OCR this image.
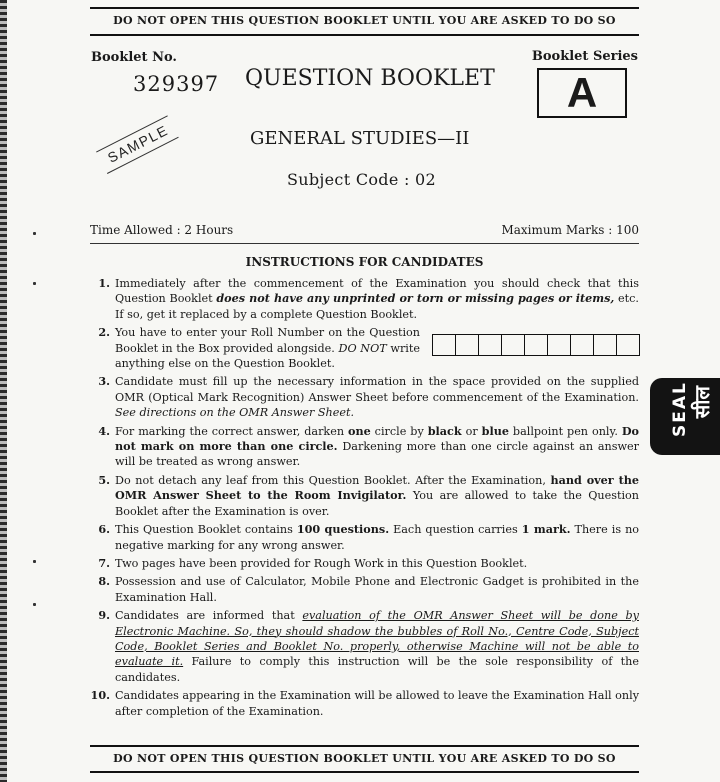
DO NOT OPEN THIS QUESTION BOOKLET UNTIL YOU ARE ASKED TO DO SO
Booklet No.
329397 QUESTION BOOKLET
Booklet Series
A
SAMPLE	GENERAL STUDIES—II
Subject Code : 02
Time Allowed : 2 Hours	Maximum Marks : 100
INSTRUCTIONS FOR CANDIDATES
1. Immediately after the commencement of the Examination you should check that this Question Booklet does not have any unprinted or torn or missing pages or items, etc. If so, get it replaced by a complete Question Booklet.
2. You have to enter your Roll Number on the Question Booklet in the Box provided alongside. DO NOT write anything else on the Question Booklet.
3. Candidate must fill up the necessary information in the space provided on the supplied OMR (Optical Mark Recognition) Answer Sheet before commencement of the Examination. See directions on the OMR Answer Sheet.
4. For marking the correct answer, darken one circle by black or blue ballpoint pen only. Do not mark on more than one circle. Darkening more than one circle against an answer will be treated as wrong answer.
5. Do not detach any leaf from this Question Booklet. After the Examination, hand over the OMR Answer Sheet to the Room Invigilator. You are allowed to take the Question Booklet after the Examination is over.
6. This Question Booklet contains 100 questions. Each question carries 1 mark. There is no negative marking for any wrong answer.
7. Two pages have been provided for Rough Work in this Question Booklet.
8. Possession and use of Calculator, Mobile Phone and Electronic Gadget is prohibited in the Examination Hall.
9. Candidates are informed that evaluation of the OMR Answer Sheet will be done by Electronic Machine. So, they should shadow the bubbles of Roll No., Centre Code, Subject Code, Booklet Series and Booklet No. properly, otherwise Machine will not be able to evaluate it. Failure to comply this instruction will be the sole responsibility of the candidates.
10. Candidates appearing in the Examination will be allowed to leave the Examination Hall only after completion of the Examination.
DO NOT OPEN THIS QUESTION BOOKLET UNTIL YOU ARE ASKED TO DO SO
SEAL सील
